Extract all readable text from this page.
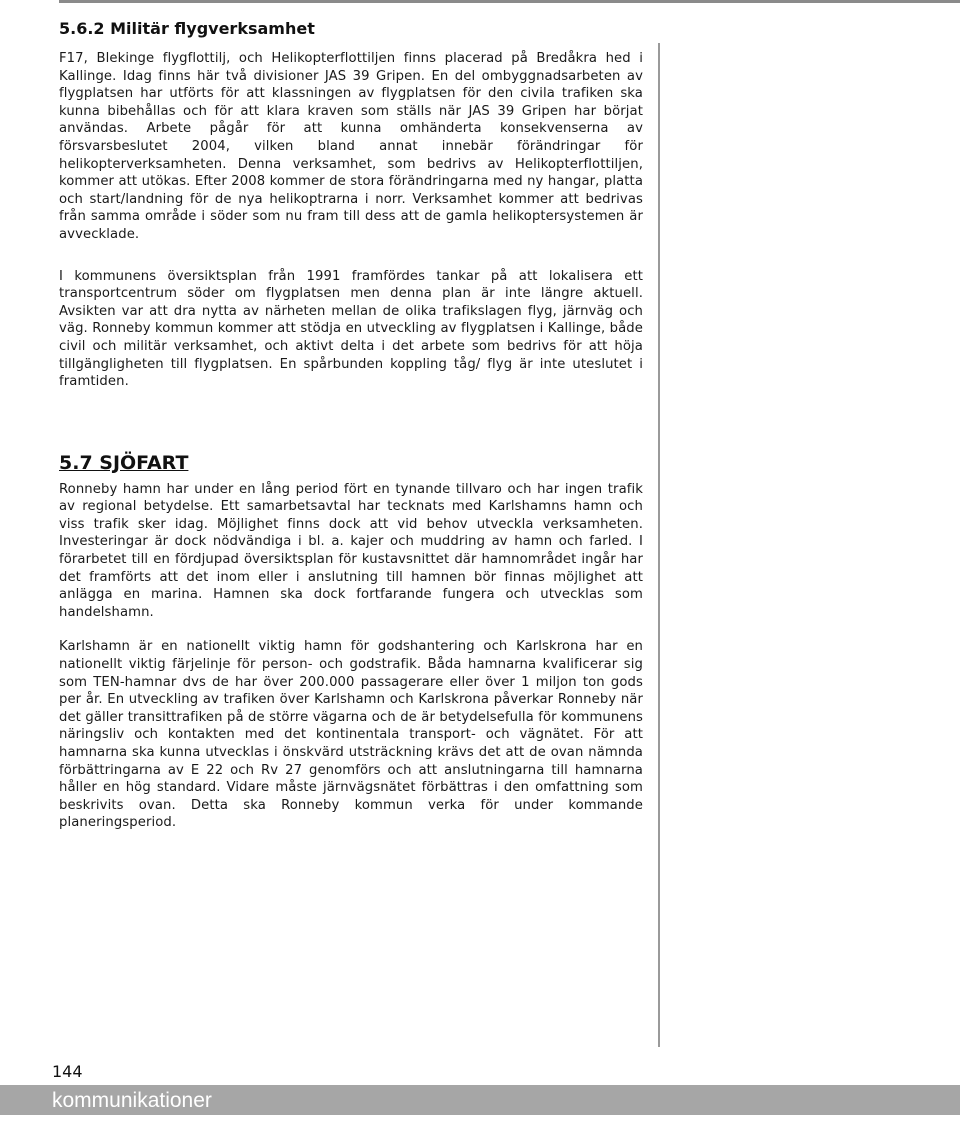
5.6.2 Militär flygverksamhet

F17, Blekinge flygflottilj, och Helikopterflottiljen finns placerad på Bredåkra hed i Kallinge. Idag finns här två divisioner JAS 39 Gripen. En del ombyggnadsarbeten av flygplatsen har utförts för att klassningen av flygplatsen för den civila trafiken ska kunna bibehållas och för att klara kraven som ställs när JAS 39 Gripen har börjat användas. Arbete pågår för att kunna omhänderta konsekvenserna av försvarsbeslutet 2004, vilken bland annat innebär förändringar för helikopterverksamheten. Denna verksamhet, som bedrivs av Helikopterflottiljen, kommer att utökas. Efter 2008 kommer de stora förändringarna med ny hangar, platta och start/landning för de nya helikoptrarna i norr. Verksamhet kommer att bedrivas från samma område i söder som nu fram till dess att de gamla helikoptersystemen är avvecklade.

I kommunens översiktsplan från 1991 framfördes tankar på att lokalisera ett transportcentrum söder om flygplatsen men denna plan är inte längre aktuell. Avsikten var att dra nytta av närheten mellan de olika trafikslagen flyg, järnväg och väg. Ronneby kommun kommer att stödja en utveckling av flygplatsen i Kallinge, både civil och militär verksamhet, och aktivt delta i det arbete som bedrivs för att höja tillgängligheten till flygplatsen. En spårbunden koppling tåg/ flyg är inte uteslutet i framtiden.

5.7 SJÖFART

Ronneby hamn har under en lång period fört en tynande tillvaro och har ingen trafik av regional betydelse. Ett samarbetsavtal har tecknats med Karlshamns hamn och viss trafik sker idag. Möjlighet finns dock att vid behov utveckla verksamheten. Investeringar är dock nödvändiga i bl. a. kajer och muddring av hamn och farled. I förarbetet till en fördjupad översiktsplan för kustavsnittet där hamnområdet ingår har det framförts att det inom eller i anslutning till hamnen bör finnas möjlighet att anlägga en marina. Hamnen ska dock fortfarande fungera och utvecklas som handelshamn.

Karlshamn är en nationellt viktig hamn för godshantering och Karlskrona har en nationellt viktig färjelinje för person- och godstrafik. Båda hamnarna kvalificerar sig som TEN-hamnar dvs de har över 200.000 passagerare eller över 1 miljon ton gods per år. En utveckling av trafiken över Karlshamn och Karlskrona påverkar Ronneby när det gäller transittrafiken på de större vägarna och de är betydelsefulla för kommunens näringsliv och kontakten med det kontinentala transport- och vägnätet. För att hamnarna ska kunna utvecklas i önskvärd utsträckning krävs det att de ovan nämnda förbättringarna av E 22 och Rv 27 genomförs och att anslutningarna till hamnarna håller en hög standard. Vidare måste järnvägsnätet förbättras i den omfattning som beskrivits ovan. Detta ska Ronneby kommun verka för under kommande planeringsperiod.

144
kommunikationer
